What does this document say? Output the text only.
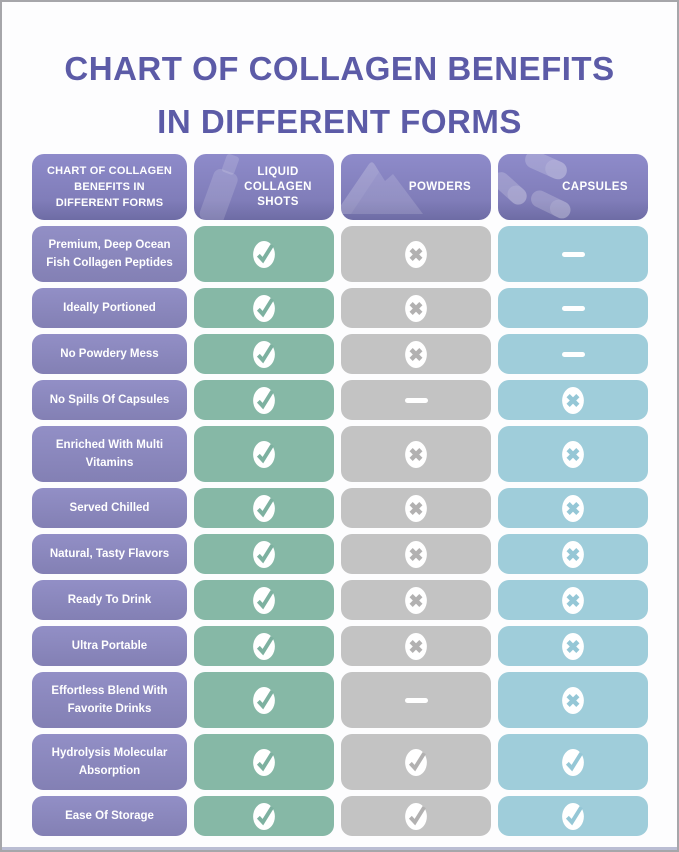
CHART OF COLLAGEN BENEFITS
IN DIFFERENT FORMS
CHART OF COLLAGEN BENEFITS IN DIFFERENT FORMS
LIQUID COLLAGEN SHOTS
POWDERS	CAPSULES
Premium, Deep Ocean Fish Collagen Peptides
Ideally Portioned
No Powdery Mess
No Spills Of Capsules
Enriched With Multi Vitamins
Served Chilled
Natural, Tasty Flavors
Ready To Drink
Ultra Portable
Effortless Blend With Favorite Drinks
Hydrolysis Molecular Absorption
Ease Of Storage
